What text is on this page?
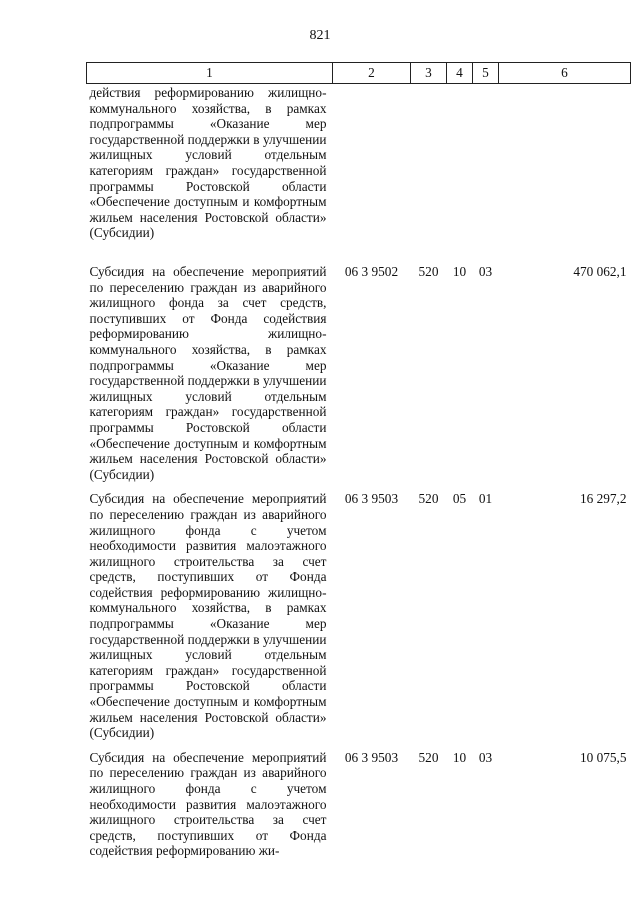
821
1	2	3	4	5	6
действия реформированию жилищно-коммунального хозяйства, в рамках подпрограммы «Оказание мер государственной поддержки в улучшении жилищных условий отдельным категориям граждан» государственной программы Ростовской области «Обеспечение доступным и комфортным жильем населения Ростовской области» (Субсидии)					
Субсидия на обеспечение мероприятий по переселению граждан из аварийного жилищного фонда за счет средств, поступивших от Фонда содействия реформированию жилищно-коммунального хозяйства, в рамках подпрограммы «Оказание мер государственной поддержки в улучшении жилищных условий отдельным категориям граждан» государственной программы Ростовской области «Обеспечение доступным и комфортным жильем населения Ростовской области» (Субсидии)	06 3 9502	520	10	03	470 062,1
Субсидия на обеспечение мероприятий по переселению граждан из аварийного жилищного фонда с учетом необходимости развития малоэтажного жилищного строительства за счет средств, поступивших от Фонда содействия реформированию жилищно-коммунального хозяйства, в рамках подпрограммы «Оказание мер государственной поддержки в улучшении жилищных условий отдельным категориям граждан» государственной программы Ростовской области «Обеспечение доступным и комфортным жильем населения Ростовской области» (Субсидии)	06 3 9503	520	05	01	16 297,2
Субсидия на обеспечение мероприятий по переселению граждан из аварийного жилищного фонда с учетом необходимости развития малоэтажного жилищного строительства за счет средств, поступивших от Фонда содействия реформированию жи-	06 3 9503	520	10	03	10 075,5
